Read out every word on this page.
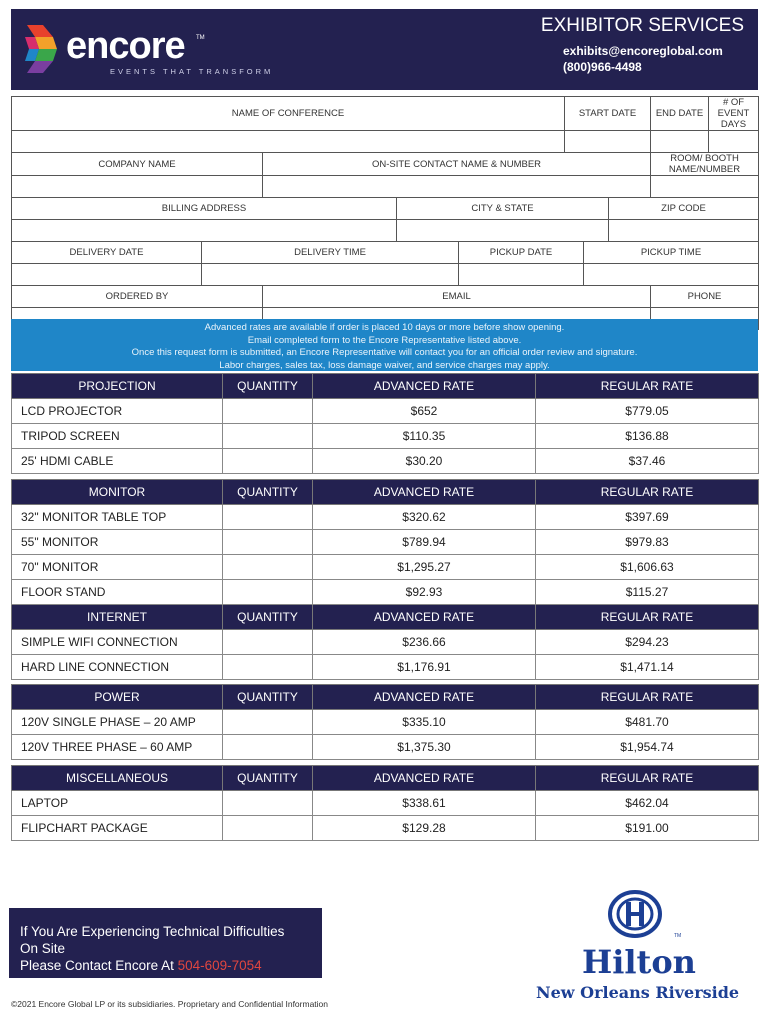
encore TM
EVENTS THAT TRANSFORM
EXHIBITOR SERVICES
exhibits@encoreglobal.com
(800)966-4498
NAME OF CONFERENCE					START DATE			END DATE	# OF EVENT DAYS

COMPANY NAME		ON-SITE CONTACT NAME & NUMBER						ROOM/ BOOTH NAME/NUMBER	

BILLING ADDRESS			CITY & STATE				ZIP CODE		

DELIVERY DATE	DELIVERY TIME			PICKUP DATE		PICKUP TIME			

ORDERED BY		EMAIL						PHONE	

Advanced rates are available if order is placed 10 days or more before show opening.
Email completed form to the Encore Representative listed above.
Once this request form is submitted, an Encore Representative will contact you for an official order review and signature.
Labor charges, sales tax, loss damage waiver, and service charges may apply.
PROJECTION	QUANTITY	ADVANCED RATE	REGULAR RATE
LCD PROJECTOR		$652	$779.05
TRIPOD SCREEN		$110.35	$136.88
25' HDMI CABLE		$30.20	$37.46
MONITOR	QUANTITY	ADVANCED RATE	REGULAR RATE
32" MONITOR TABLE TOP		$320.62	$397.69
55" MONITOR		$789.94	$979.83
70" MONITOR		$1,295.27	$1,606.63
FLOOR STAND		$92.93	$115.27
INTERNET	QUANTITY	ADVANCED RATE	REGULAR RATE
SIMPLE WIFI CONNECTION		$236.66	$294.23
HARD LINE CONNECTION		$1,176.91	$1,471.14
POWER	QUANTITY	ADVANCED RATE	REGULAR RATE
120V SINGLE PHASE – 20 AMP		$335.10	$481.70
120V THREE PHASE – 60 AMP		$1,375.30	$1,954.74
MISCELLANEOUS	QUANTITY	ADVANCED RATE	REGULAR RATE
LAPTOP		$338.61	$462.04
FLIPCHART PACKAGE		$129.28	$191.00
If You Are Experiencing Technical Difficulties
On Site
Please Contact Encore At 504-609-7054
©2021 Encore Global LP or its subsidiaries. Proprietary and Confidential Information
TM
Hilton
New Orleans Riverside
